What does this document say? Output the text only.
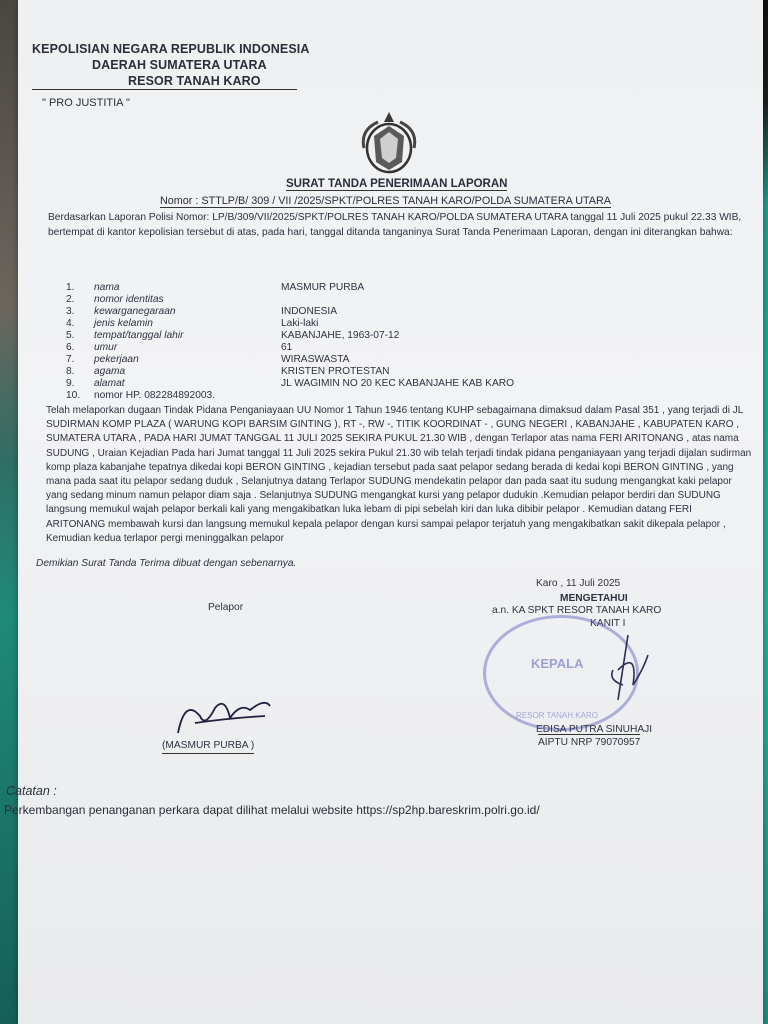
KEPOLISIAN NEGARA REPUBLIK INDONESIA
DAERAH SUMATERA UTARA
RESOR TANAH KARO
" PRO JUSTITIA "
SURAT TANDA PENERIMAAN LAPORAN
Nomor : STTLP/B/ 309 / VII /2025/SPKT/POLRES TANAH KARO/POLDA SUMATERA UTARA
Berdasarkan Laporan Polisi Nomor: LP/B/309/VII/2025/SPKT/POLRES TANAH KARO/POLDA SUMATERA UTARA tanggal 11 Juli 2025 pukul 22.33 WIB, bertempat di kantor kepolisian tersebut di atas, pada hari, tanggal ditanda tanganinya Surat Tanda Penerimaan Laporan, dengan ini diterangkan bahwa:
1.	nama	MASMUR PURBA
2.	nomor identitas
3.	kewarganegaraan	INDONESIA
4.	jenis kelamin	Laki-laki
5.	tempat/tanggal lahir	KABANJAHE, 1963-07-12
6.	umur	61
7.	pekerjaan	WIRASWASTA
8.	agama	KRISTEN PROTESTAN
9.	alamat	JL WAGIMIN NO 20 KEC KABANJAHE KAB KARO
10.	nomor HP. 082284892003.
Telah melaporkan dugaan Tindak Pidana Penganiayaan UU Nomor 1 Tahun 1946 tentang KUHP sebagaimana dimaksud dalam Pasal 351 , yang terjadi di JL SUDIRMAN KOMP PLAZA ( WARUNG KOPI BARSIM GINTING ), RT -, RW -, TITIK KOORDINAT - , GUNG NEGERI , KABANJAHE , KABUPATEN KARO , SUMATERA UTARA , PADA HARI JUMAT TANGGAL 11 JULI 2025 SEKIRA PUKUL 21.30 WIB , dengan Terlapor atas nama FERI ARITONANG , atas nama SUDUNG , Uraian Kejadian Pada hari Jumat tanggal 11 Juli 2025 sekira Pukul 21.30 wib telah terjadi tindak pidana penganiayaan yang terjadi dijalan sudirman komp plaza kabanjahe tepatnya dikedai kopi BERON GINTING , kejadian tersebut pada saat pelapor sedang berada di kedai kopi BERON GINTING , yang mana pada saat itu pelapor sedang duduk , Selanjutnya datang Terlapor SUDUNG mendekatin pelapor dan pada saat itu sudung mengangkat kaki pelapor yang sedang minum namun pelapor diam saja . Selanjutnya SUDUNG mengangkat kursi yang pelapor dudukin .Kemudian pelapor berdiri dan SUDUNG langsung memukul wajah pelapor berkali kali yang mengakibatkan luka lebam di pipi sebelah kiri dan luka dibibir pelapor . Kemudian datang FERI ARITONANG membawah kursi dan langsung memukul kepala pelapor dengan kursi sampai pelapor terjatuh yang mengakibatkan sakit dikepala pelapor , Kemudian kedua terlapor pergi meninggalkan pelapor
Demikian Surat Tanda Terima dibuat dengan sebenarnya.
Karo , 11 Juli 2025
Pelapor
MENGETAHUI
a.n. KA SPKT RESOR TANAH KARO
KANIT I
KEPALA
RESOR TANAH KARO
(MASMUR PURBA )
EDISA PUTRA SINUHAJI
AIPTU NRP 79070957
Catatan :
Perkembangan penanganan perkara dapat dilihat melalui website https://sp2hp.bareskrim.polri.go.id/
